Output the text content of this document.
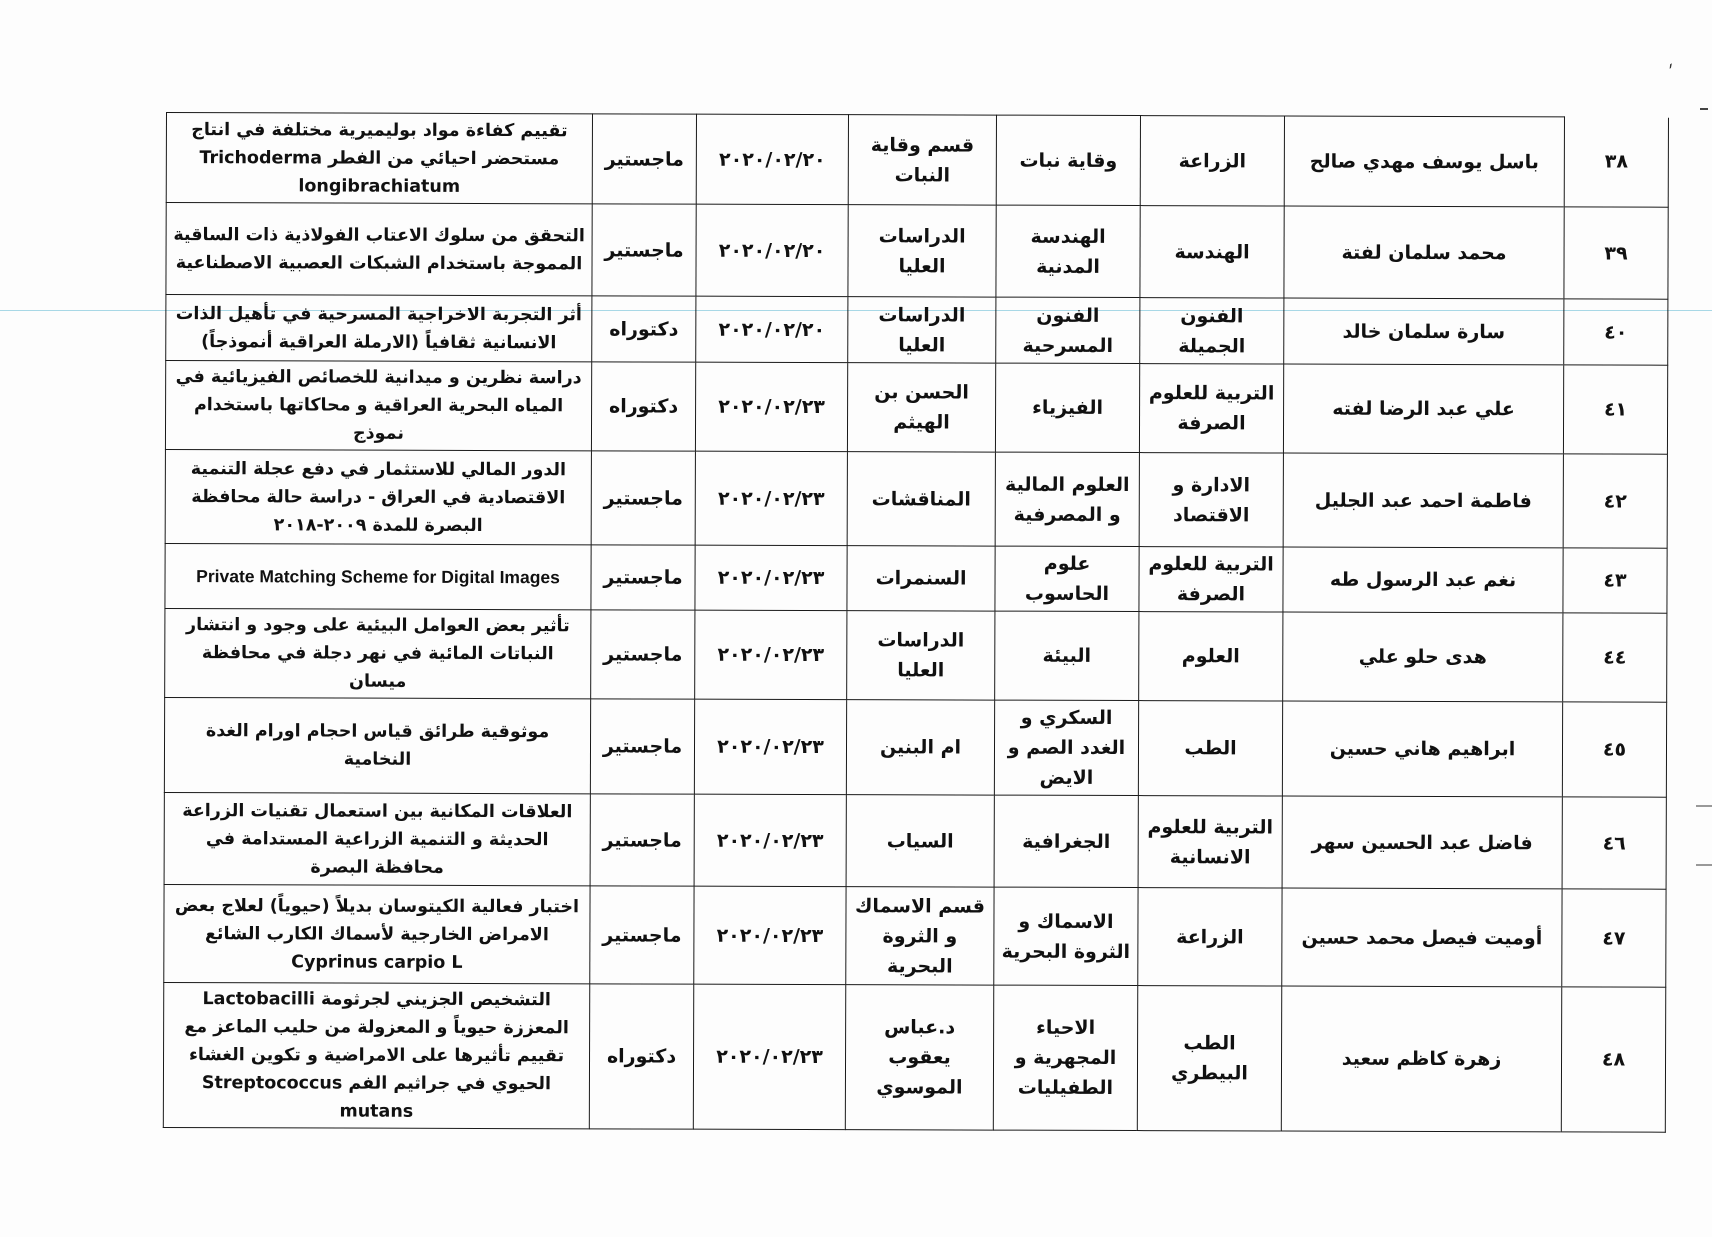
ˏ
٣٨	باسل يوسف مهدي صالح	الزراعة	وقاية نبات	قسم وقاية النبات	٢٠٢٠/٠٢/٢٠	ماجستير	تقييم كفاءة مواد بوليميرية مختلفة في انتاج مستحضر احيائي من الفطر Trichoderma longibrachiatum
٣٩	محمد سلمان لفتة	الهندسة	الهندسة المدنية	الدراسات العليا	٢٠٢٠/٠٢/٢٠	ماجستير	التحقق من سلوك الاعتاب الفولاذية ذات الساقية المموجة باستخدام الشبكات العصبية الاصطناعية
٤٠	سارة سلمان خالد	الفنون الجميلة	الفنون المسرحية	الدراسات العليا	٢٠٢٠/٠٢/٢٠	دكتوراه	أثر التجربة الاخراجية المسرحية في تأهيل الذات الانسانية ثقافياً (الارملة العراقية أنموذجاً)
٤١	علي عبد الرضا لفته	التربية للعلوم الصرفة	الفيزياء	الحسن بن الهيثم	٢٠٢٠/٠٢/٢٣	دكتوراه	دراسة نظرين و ميدانية للخصائص الفيزيائية في المياه البحرية العراقية و محاكاتها باستخدام نموذج
٤٢	فاطمة احمد عبد الجليل	الادارة و الاقتصاد	العلوم المالية و المصرفية	المناقشات	٢٠٢٠/٠٢/٢٣	ماجستير	الدور المالي للاستثمار في دفع عجلة التنمية الاقتصادية في العراق - دراسة حالة محافظة البصرة للمدة ٢٠٠٩-٢٠١٨
٤٣	نغم عبد الرسول طه	التربية للعلوم الصرفة	علوم الحاسوب	السنمرات	٢٠٢٠/٠٢/٢٣	ماجستير	Private Matching Scheme for Digital Images
٤٤	هدى حلو علي	العلوم	البيئة	الدراسات العليا	٢٠٢٠/٠٢/٢٣	ماجستير	تأثير بعض العوامل البيئية على وجود و انتشار النباتات المائية في نهر دجلة في محافظة ميسان
٤٥	ابراهيم هاني حسين	الطب	السكري و الغدد الصم و الايض	ام البنين	٢٠٢٠/٠٢/٢٣	ماجستير	موثوقية طرائق قياس احجام اورام الغدة النخامية
٤٦	فاضل عبد الحسين سهر	التربية للعلوم الانسانية	الجغرافية	السياب	٢٠٢٠/٠٢/٢٣	ماجستير	العلاقات المكانية بين استعمال تقنيات الزراعة الحديثة و التنمية الزراعية المستدامة في محافظة البصرة
٤٧	أوميت فيصل محمد حسين	الزراعة	الاسماك و الثروة البحرية	قسم الاسماك و الثروة البحرية	٢٠٢٠/٠٢/٢٣	ماجستير	اختبار فعالية الكيتوسان بديلاً (حيوياً) لعلاج بعض الامراض الخارجية لأسماك الكارب الشائع Cyprinus carpio L
٤٨	زهرة كاظم سعيد	الطب البيطري	الاحياء المجهرية و الطفيليات	د.عباس يعقوب الموسوي	٢٠٢٠/٠٢/٢٣	دكتوراه	التشخيص الجزيني لجرثومة Lactobacilli المعززة حيوياً و المعزولة من حليب الماعز مع تقييم تأثيرها على الامراضية و تكوين الغشاء الحيوي في جراثيم الفم Streptococcus mutans
